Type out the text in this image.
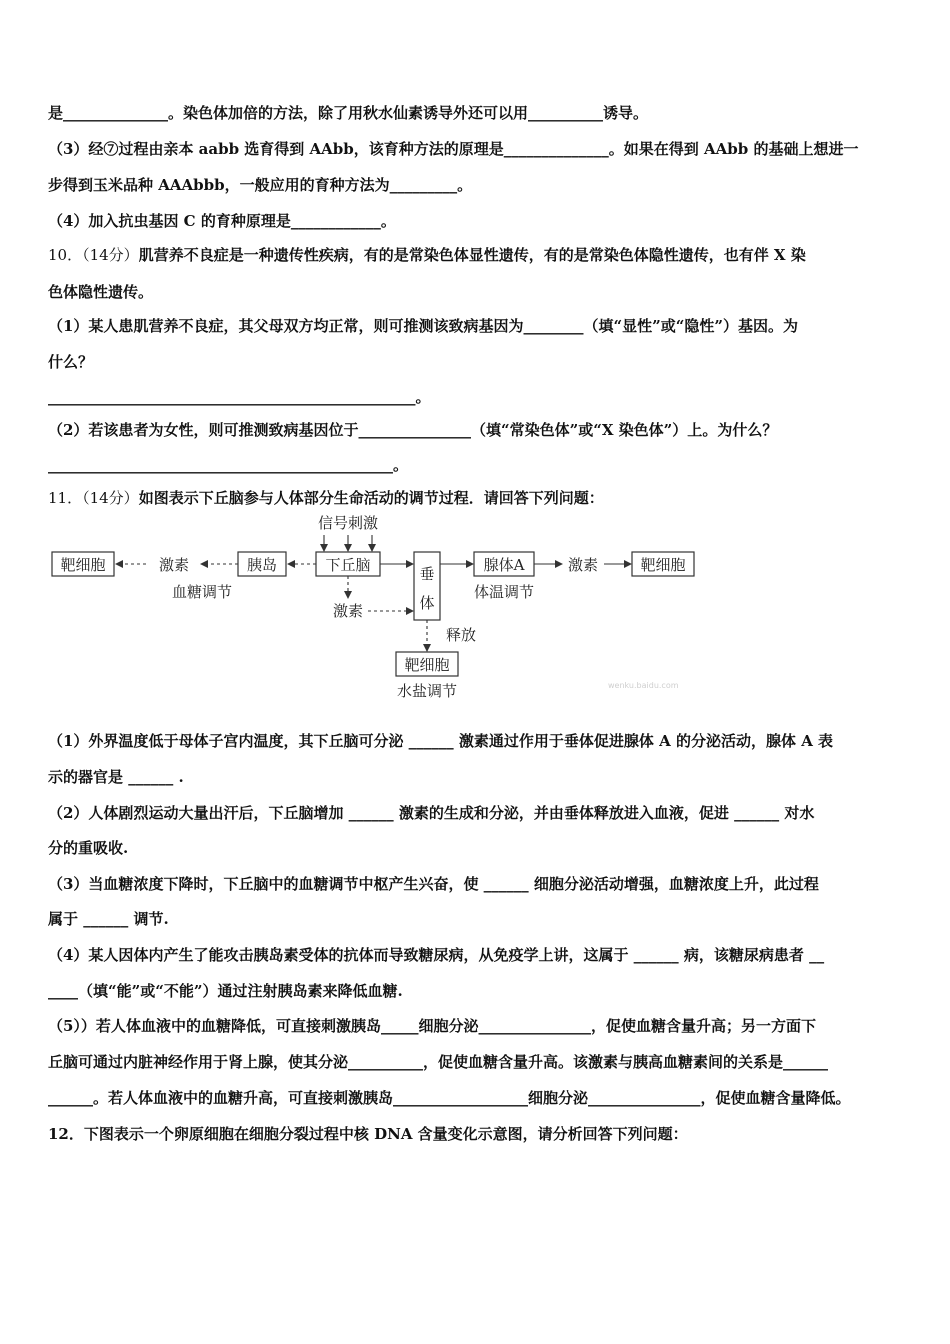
是______________。染色体加倍的方法，除了用秋水仙素诱导外还可以用__________诱导。
（3）经⑦过程由亲本 aabb 选育得到 AAbb，该育种方法的原理是______________。如果在得到 AAbb 的基础上想进一
步得到玉米品种 AAAbbb，一般应用的育种方法为_________。
（4）加入抗虫基因 C 的育种原理是____________。
10．（14分）肌营养不良症是一种遗传性疾病，有的是常染色体显性遗传，有的是常染色体隐性遗传，也有伴 X 染
色体隐性遗传。
（1）某人患肌营养不良症，其父母双方均正常，则可推测该致病基因为________（填“显性”或“隐性”）基因。为
什么？
_________________________________________________。
（2）若该患者为女性，则可推测致病基因位于_______________（填“常染色体”或“X 染色体”）上。为什么？
______________________________________________。
11．（14分）如图表示下丘脑参与人体部分生命活动的调节过程．请回答下列问题：
靶细胞	激素
血糖调节
胰岛
信号刺激
下丘脑
激素
垂
体
腺体A
体温调节
激素	靶细胞
释放
靶细胞
水盐调节	wenku.baidu.com
（1）外界温度低于母体子宫内温度，其下丘脑可分泌 ______ 激素通过作用于垂体促进腺体 A 的分泌活动，腺体 A 表
示的器官是 ______ .
（2）人体剧烈运动大量出汗后，下丘脑增加 ______ 激素的生成和分泌，并由垂体释放进入血液，促进 ______ 对水
分的重吸收.
（3）当血糖浓度下降时，下丘脑中的血糖调节中枢产生兴奋，使 ______ 细胞分泌活动增强，血糖浓度上升，此过程
属于 ______ 调节.
（4）某人因体内产生了能攻击胰岛素受体的抗体而导致糖尿病，从免疫学上讲，这属于 ______ 病，该糖尿病患者 __
____（填“能”或“不能”）通过注射胰岛素来降低血糖.
（5））若人体血液中的血糖降低，可直接刺激胰岛_____细胞分泌_______________，促使血糖含量升高；另一方面下
丘脑可通过内脏神经作用于肾上腺，使其分泌__________，促使血糖含量升高。该激素与胰高血糖素间的关系是______
______。若人体血液中的血糖升高，可直接刺激胰岛__________________细胞分泌_______________，促使血糖含量降低。
12．下图表示一个卵原细胞在细胞分裂过程中核 DNA 含量变化示意图，请分析回答下列问题：
